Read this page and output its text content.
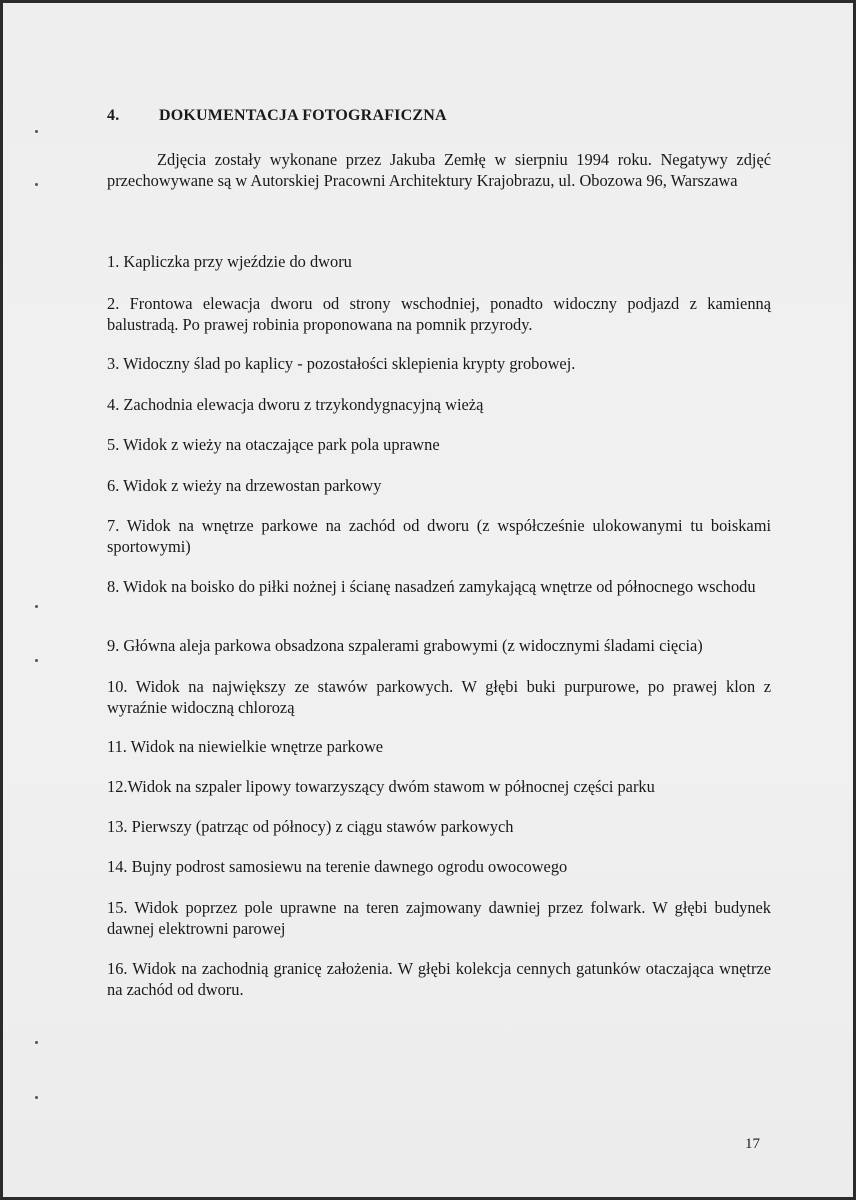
4. DOKUMENTACJA FOTOGRAFICZNA

Zdjęcia zostały wykonane przez Jakuba Zemłę w sierpniu 1994 roku. Negatywy zdjęć przechowywane są w Autorskiej Pracowni Architektury Krajobrazu, ul. Obozowa 96, Warszawa

1. Kapliczka przy wjeździe do dworu

2. Frontowa elewacja dworu od strony wschodniej, ponadto widoczny podjazd z kamienną balustradą. Po prawej robinia proponowana na pomnik przyrody.

3. Widoczny ślad po kaplicy - pozostałości sklepienia krypty grobowej.

4. Zachodnia elewacja dworu z trzykondygnacyjną wieżą

5. Widok z wieży na otaczające park pola uprawne

6. Widok z wieży na drzewostan parkowy

7. Widok na wnętrze parkowe na zachód od dworu (z współcześnie ulokowanymi tu boiskami sportowymi)

8. Widok na boisko do piłki nożnej i ścianę nasadzeń zamykającą wnętrze od północnego wschodu

9. Główna aleja parkowa obsadzona szpalerami grabowymi (z widocznymi śladami cięcia)

10. Widok na największy ze stawów parkowych. W głębi buki purpurowe, po prawej klon z wyraźnie widoczną chlorozą

11. Widok na niewielkie wnętrze parkowe

12.Widok na szpaler lipowy towarzyszący dwóm stawom w północnej części parku

13. Pierwszy (patrząc od północy) z ciągu stawów parkowych

14. Bujny podrost samosiewu na terenie dawnego ogrodu owocowego

15. Widok poprzez pole uprawne na teren zajmowany dawniej przez folwark. W głębi budynek dawnej elektrowni parowej

16. Widok na zachodnią granicę założenia. W głębi kolekcja cennych gatunków otaczająca wnętrze na zachód od dworu.

17
